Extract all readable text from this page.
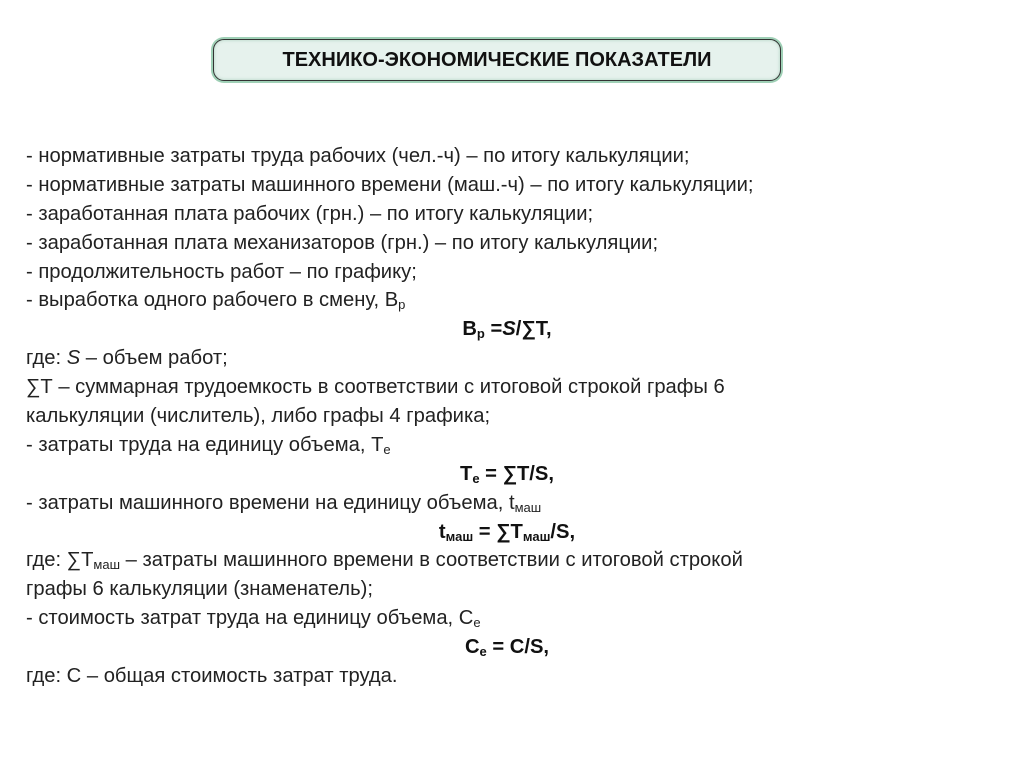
ТЕХНИКО-ЭКОНОМИЧЕСКИЕ ПОКАЗАТЕЛИ
- нормативные затраты труда рабочих (чел.-ч) – по итогу калькуляции;
- нормативные затраты машинного времени (маш.-ч) – по итогу калькуляции;
- заработанная плата рабочих (грн.) – по итогу калькуляции;
- заработанная плата механизаторов (грн.) – по итогу калькуляции;
- продолжительность работ – по графику;
- выработка одного рабочего в смену, $В_р$
$В_р =S/\sum Т$,
где: S – объем работ;
∑Т – суммарная трудоемкость в соответствии с итоговой строкой графы 6
калькуляции (числитель), либо графы 4 графика;
- затраты труда на единицу объема, $Т_е$
$Т_е = \sum Т/S$,
- затраты машинного времени на единицу объема, $t_{маш}$
$t_{маш} = \sum Т_{маш}/S$,
где: $\sum Т_{маш}$ – затраты машинного времени в соответствии с итоговой строкой
графы 6 калькуляции (знаменатель);
- стоимость затрат труда на единицу объема, $С_е$
$С_е = С/S$,
где: С – общая стоимость затрат труда.
